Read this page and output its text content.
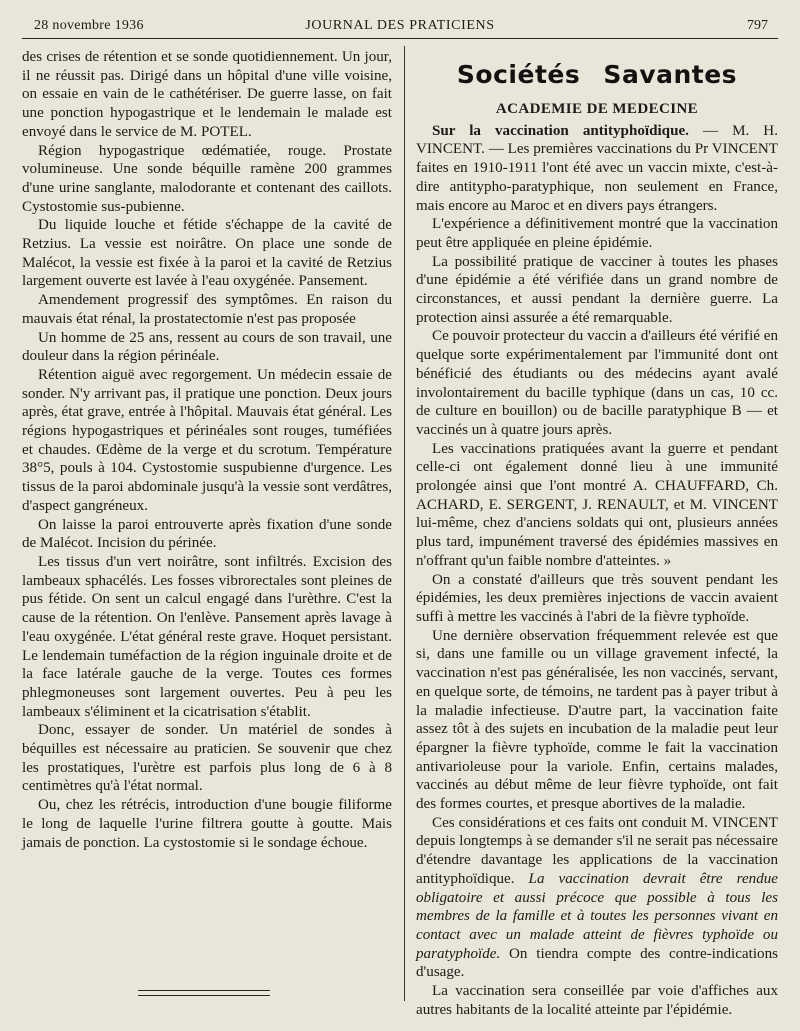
28 novembre 1936	JOURNAL DES PRATICIENS	797

des crises de rétention et se sonde quotidiennement. Un jour, il ne réussit pas. Dirigé dans un hôpital d'une ville voisine, on essaie en vain de le cathétériser. De guerre lasse, on fait une ponction hypogastrique et le lendemain le malade est envoyé dans le service de M. POTEL.

Région hypogastrique œdématiée, rouge. Prostate volumineuse. Une sonde béquille ramène 200 grammes d'une urine sanglante, malodorante et contenant des caillots. Cystostomie sus-pubienne.

Du liquide louche et fétide s'échappe de la cavité de Retzius. La vessie est noirâtre. On place une sonde de Malécot, la vessie est fixée à la paroi et la cavité de Retzius largement ouverte est lavée à l'eau oxygénée. Pansement.

Amendement progressif des symptômes. En raison du mauvais état rénal, la prostatectomie n'est pas proposée

Un homme de 25 ans, ressent au cours de son travail, une douleur dans la région périnéale.

Rétention aiguë avec regorgement. Un médecin essaie de sonder. N'y arrivant pas, il pratique une ponction. Deux jours après, état grave, entrée à l'hôpital. Mauvais état général. Les régions hypogastriques et périnéales sont rouges, tuméfiées et chaudes. Œdème de la verge et du scrotum. Température 38°5, pouls à 104. Cystostomie suspubienne d'urgence. Les tissus de la paroi abdominale jusqu'à la vessie sont verdâtres, d'aspect gangréneux.

On laisse la paroi entrouverte après fixation d'une sonde de Malécot. Incision du périnée.

Les tissus d'un vert noirâtre, sont infiltrés. Excision des lambeaux sphacélés. Les fosses vibrorectales sont pleines de pus fétide. On sent un calcul engagé dans l'urèthre. C'est la cause de la rétention. On l'enlève. Pansement après lavage à l'eau oxygénée. L'état général reste grave. Hoquet persistant. Le lendemain tuméfaction de la région inguinale droite et de la face latérale gauche de la verge. Toutes ces formes phlegmoneuses sont largement ouvertes. Peu à peu les lambeaux s'éliminent et la cicatrisation s'établit.

Donc, essayer de sonder. Un matériel de sondes à béquilles est nécessaire au praticien. Se souvenir que chez les prostatiques, l'urètre est parfois plus long de 6 à 8 centimètres qu'à l'état normal.

Ou, chez les rétrécis, introduction d'une bougie filiforme le long de laquelle l'urine filtrera goutte à goutte. Mais jamais de ponction. La cystostomie si le sondage échoue.

Sociétés Savantes
ACADEMIE DE MEDECINE

Sur la vaccination antityphoïdique. — M. H. VINCENT. — Les premières vaccinations du Pr VINCENT faites en 1910-1911 l'ont été avec un vaccin mixte, c'est-à-dire antitypho-paratyphique, non seulement en France, mais encore au Maroc et en divers pays étrangers.

L'expérience a définitivement montré que la vaccination peut être appliquée en pleine épidémie.

La possibilité pratique de vacciner à toutes les phases d'une épidémie a été vérifiée dans un grand nombre de circonstances, et aussi pendant la dernière guerre. La protection ainsi assurée a été remarquable.

Ce pouvoir protecteur du vaccin a d'ailleurs été vérifié en quelque sorte expérimentalement par l'immunité dont ont bénéficié des étudiants ou des médecins ayant avalé involontairement du bacille typhique (dans un cas, 10 cc. de culture en bouillon) ou de bacille paratyphique B — et vaccinés un à quatre jours après.

Les vaccinations pratiquées avant la guerre et pendant celle-ci ont également donné lieu à une immunité prolongée ainsi que l'ont montré A. CHAUFFARD, Ch. ACHARD, E. SERGENT, J. RENAULT, et M. VINCENT lui-même, chez d'anciens soldats qui ont, plusieurs années plus tard, impunément traversé des épidémies massives en n'offrant qu'un faible nombre d'atteintes. »

On a constaté d'ailleurs que très souvent pendant les épidémies, les deux premières injections de vaccin avaient suffi à mettre les vaccinés à l'abri de la fièvre typhoïde.

Une dernière observation fréquemment relevée est que si, dans une famille ou un village gravement infecté, la vaccination n'est pas généralisée, les non vaccinés, servant, en quelque sorte, de témoins, ne tardent pas à payer tribut à la maladie infectieuse. D'autre part, la vaccination faite assez tôt à des sujets en incubation de la maladie peut leur épargner la fièvre typhoïde, comme le fait la vaccination antivarioleuse pour la variole. Enfin, certains malades, vaccinés au début même de leur fièvre typhoïde, ont fait des formes courtes, et presque abortives de la maladie.

Ces considérations et ces faits ont conduit M. VINCENT depuis longtemps à se demander s'il ne serait pas nécessaire d'étendre davantage les applications de la vaccination antityphoïdique. La vaccination devrait être rendue obligatoire et aussi précoce que possible à tous les membres de la famille et à toutes les personnes vivant en contact avec un malade atteint de fièvres typhoïde ou paratyphoïde. On tiendra compte des contre-indications d'usage.

La vaccination sera conseillée par voie d'affiches aux autres habitants de la localité atteinte par l'épidémie.
